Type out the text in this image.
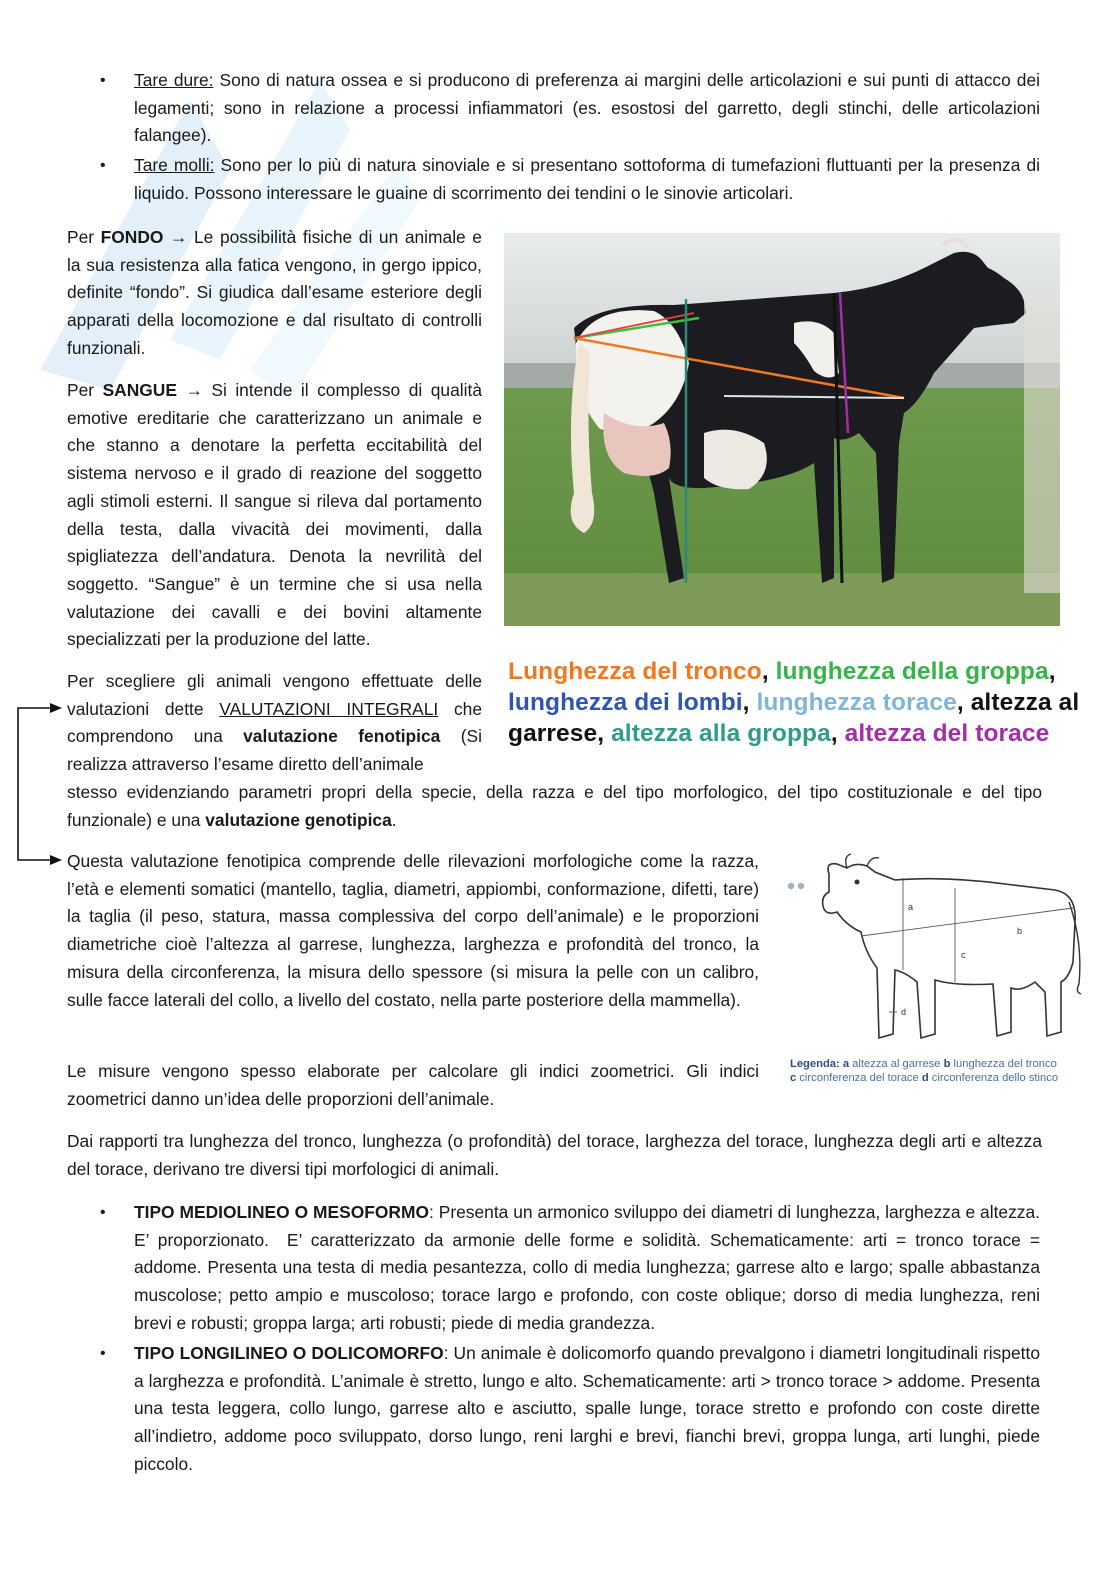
•	Tare dure: Sono di natura ossea e si producono di preferenza ai margini delle articolazioni e sui punti di attacco dei legamenti; sono in relazione a processi infiammatori (es. esostosi del garretto, degli stinchi, delle articolazioni falangee).
•	Tare molli: Sono per lo più di natura sinoviale e si presentano sottoforma di tumefazioni fluttuanti per la presenza di liquido. Possono interessare le guaine di scorrimento dei tendini o le sinovie articolari.
Per FONDO → Le possibilità fisiche di un animale e la sua resistenza alla fatica vengono, in gergo ippico, definite “fondo”. Si giudica dall’esame esteriore degli apparati della locomozione e dal risultato di controlli funzionali.
Per SANGUE → Si intende il complesso di qualità emotive ereditarie che caratterizzano un animale e che stanno a denotare la perfetta eccitabilità del sistema nervoso e il grado di reazione del soggetto agli stimoli esterni. Il sangue si rileva dal portamento della testa, dalla vivacità dei movimenti, dalla spigliatezza dell’andatura. Denota la nevrilità del soggetto. “Sangue” è un termine che si usa nella valutazione dei cavalli e dei bovini altamente specializzati per la produzione del latte.
Lunghezza del tronco, lunghezza della groppa, lunghezza dei lombi, lunghezza torace, altezza al garrese, altezza alla groppa, altezza del torace
Per scegliere gli animali vengono effettuate delle valutazioni dette VALUTAZIONI INTEGRALI che comprendono una valutazione fenotipica (Si realizza attraverso l’esame diretto dell’animale
stesso evidenziando parametri propri della specie, della razza e del tipo morfologico, del tipo costituzionale e del tipo funzionale) e una valutazione genotipica.
Questa valutazione fenotipica comprende delle rilevazioni morfologiche come la razza, l’età e elementi somatici (mantello, taglia, diametri, appiombi, conformazione, difetti, tare) la taglia (il peso, statura, massa complessiva del corpo dell’animale) e le proporzioni diametriche cioè l’altezza al garrese, lunghezza, larghezza e profondità del tronco, la misura della circonferenza, la misura dello spessore (si misura la pelle con un calibro, sulle facce laterali del collo, a livello del costato, nella parte posteriore della mammella).
Le misure vengono spesso elaborate per calcolare gli indici zoometrici. Gli indici zoometrici danno un’idea delle proporzioni dell’animale.
a
b
c
d
Legenda: a altezza al garrese b lunghezza del tronco
c circonferenza del torace d circonferenza dello stinco
Dai rapporti tra lunghezza del tronco, lunghezza (o profondità) del torace, larghezza del torace, lunghezza degli arti e altezza del torace, derivano tre diversi tipi morfologici di animali.
•	TIPO MEDIOLINEO O MESOFORMO: Presenta un armonico sviluppo dei diametri di lunghezza, larghezza e altezza. E’ proporzionato.  E’ caratterizzato da armonie delle forme e solidità. Schematicamente: arti = tronco torace = addome. Presenta una testa di media pesantezza, collo di media lunghezza; garrese alto e largo; spalle abbastanza muscolose; petto ampio e muscoloso; torace largo e profondo, con coste oblique; dorso di media lunghezza, reni brevi e robusti; groppa larga; arti robusti; piede di media grandezza.
•	TIPO LONGILINEO O DOLICOMORFO: Un animale è dolicomorfo quando prevalgono i diametri longitudinali rispetto a larghezza e profondità. L’animale è stretto, lungo e alto. Schematicamente: arti > tronco torace > addome. Presenta una testa leggera, collo lungo, garrese alto e asciutto, spalle lunge, torace stretto e profondo con coste dirette all’indietro, addome poco sviluppato, dorso lungo, reni larghi e brevi, fianchi brevi, groppa lunga, arti lunghi, piede piccolo.
